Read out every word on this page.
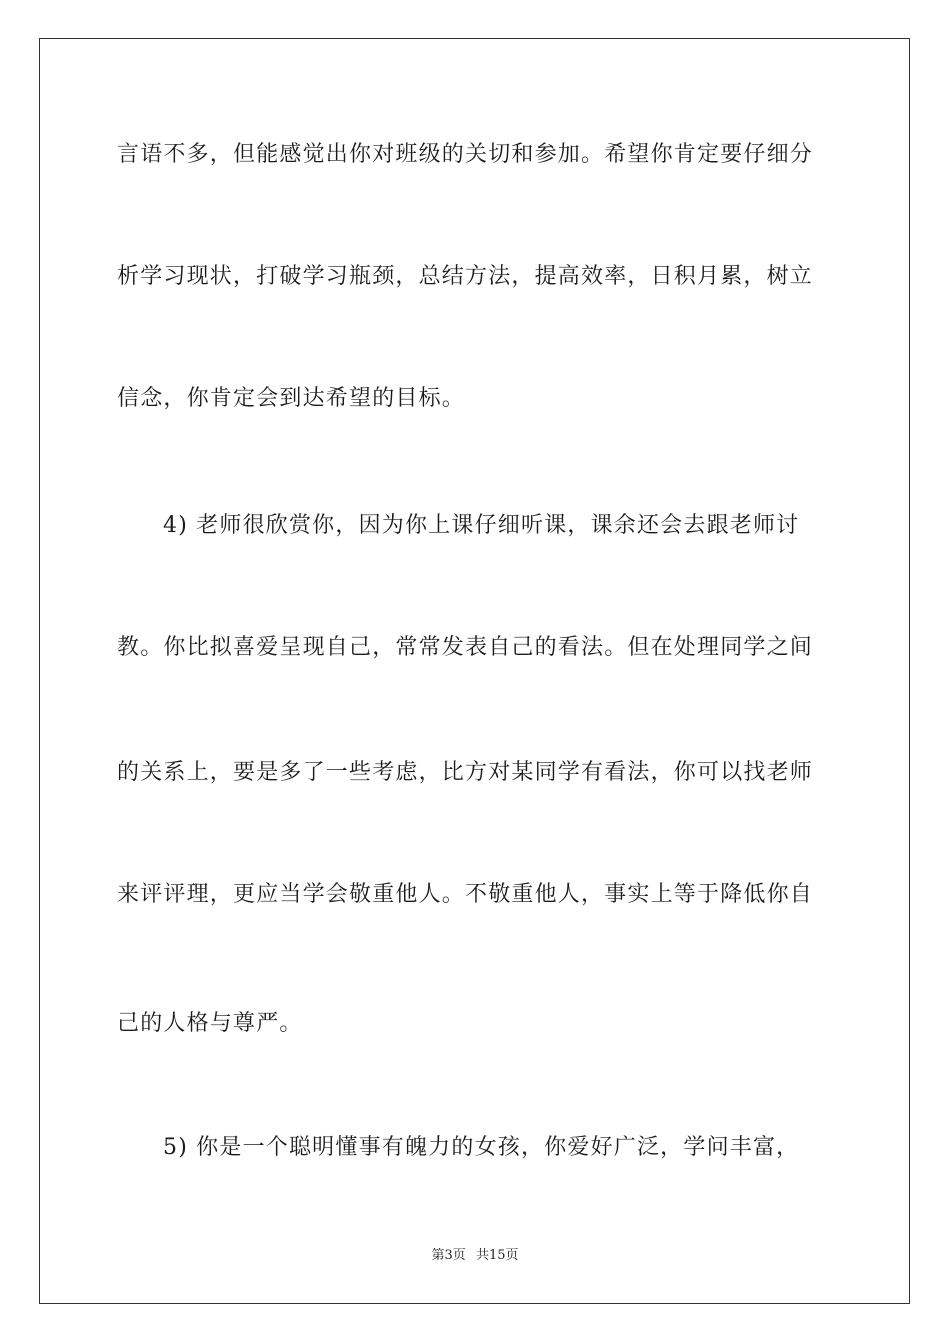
言语不多，但能感觉出你对班级的关切和参加。希望你肯定要仔细分
析学习现状，打破学习瓶颈，总结方法，提高效率，日积月累，树立
信念，你肯定会到达希望的目标。
4) 老师很欣赏你，因为你上课仔细听课，课余还会去跟老师讨
教。你比拟喜爱呈现自己，常常发表自己的看法。但在处理同学之间
的关系上，要是多了一些考虑，比方对某同学有看法，你可以找老师
来评评理，更应当学会敬重他人。不敬重他人，事实上等于降低你自
己的人格与尊严。
5) 你是一个聪明懂事有魄力的女孩，你爱好广泛，学问丰富，
第3页 共15页
